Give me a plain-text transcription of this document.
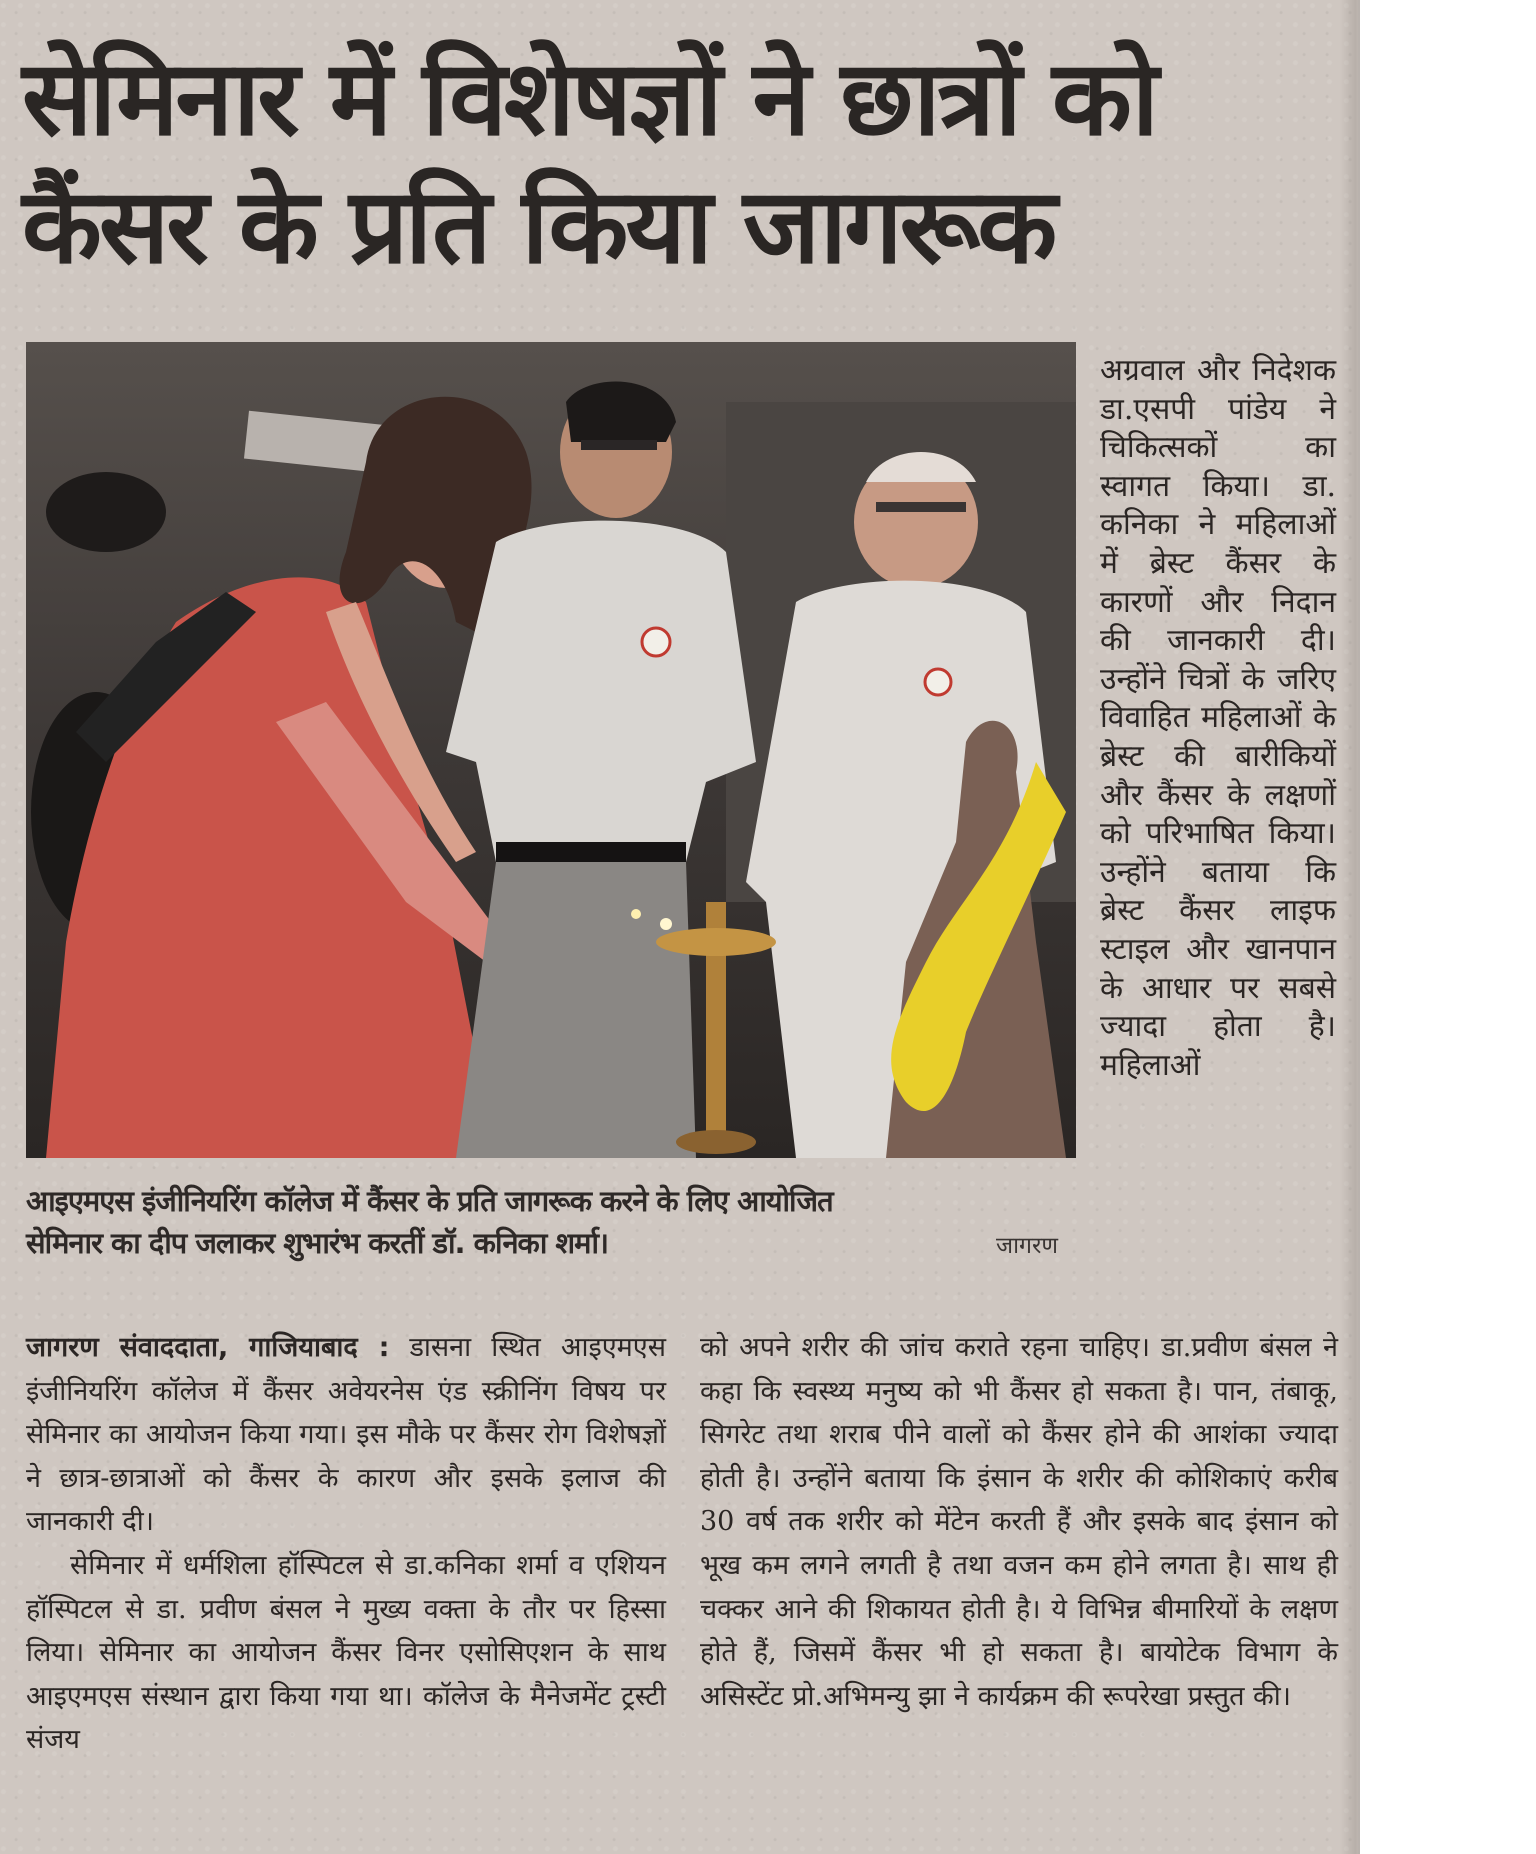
सेमिनार में विशेषज्ञों ने छात्रों को
कैंसर के प्रति किया जागरूक

अग्रवाल और निदेशक डा.एसपी पांडेय ने चिकित्सकों का स्वागत किया। डा. कनिका ने महिलाओं में ब्रेस्ट कैंसर के कारणों और निदान की जानकारी दी। उन्होंने चित्रों के जरिए विवाहित महिलाओं के ब्रेस्ट की बारीकियों और कैंसर के लक्षणों को परिभाषित किया। उन्होंने बताया कि ब्रेस्ट कैंसर लाइफ स्टाइल और खानपान के आधार पर सबसे ज्यादा होता है। महिलाओं

आइएमएस इंजीनियरिंग कॉलेज में कैंसर के प्रति जागरूक करने के लिए आयोजित
सेमिनार का दीप जलाकर शुभारंभ करतीं डॉ. कनिका शर्मा।	जागरण

जागरण संवाददाता, गाजियाबाद : डासना स्थित आइएमएस इंजीनियरिंग कॉलेज में कैंसर अवेयरनेस एंड स्क्रीनिंग विषय पर सेमिनार का आयोजन किया गया। इस मौके पर कैंसर रोग विशेषज्ञों ने छात्र-छात्राओं को कैंसर के कारण और इसके इलाज की जानकारी दी।

सेमिनार में धर्मशिला हॉस्पिटल से डा.कनिका शर्मा व एशियन हॉस्पिटल से डा. प्रवीण बंसल ने मुख्य वक्ता के तौर पर हिस्सा लिया। सेमिनार का आयोजन कैंसर विनर एसोसिएशन के साथ आइएमएस संस्थान द्वारा किया गया था। कॉलेज के मैनेजमेंट ट्रस्टी संजय

को अपने शरीर की जांच कराते रहना चाहिए। डा.प्रवीण बंसल ने कहा कि स्वस्थ्य मनुष्य को भी कैंसर हो सकता है। पान, तंबाकू, सिगरेट तथा शराब पीने वालों को कैंसर होने की आशंका ज्यादा होती है। उन्होंने बताया कि इंसान के शरीर की कोशिकाएं करीब 30 वर्ष तक शरीर को मेंटेन करती हैं और इसके बाद इंसान को भूख कम लगने लगती है तथा वजन कम होने लगता है। साथ ही चक्कर आने की शिकायत होती है। ये विभिन्न बीमारियों के लक्षण होते हैं, जिसमें कैंसर भी हो सकता है। बायोटेक विभाग के असिस्टेंट प्रो.अभिमन्यु झा ने कार्यक्रम की रूपरेखा प्रस्तुत की।
